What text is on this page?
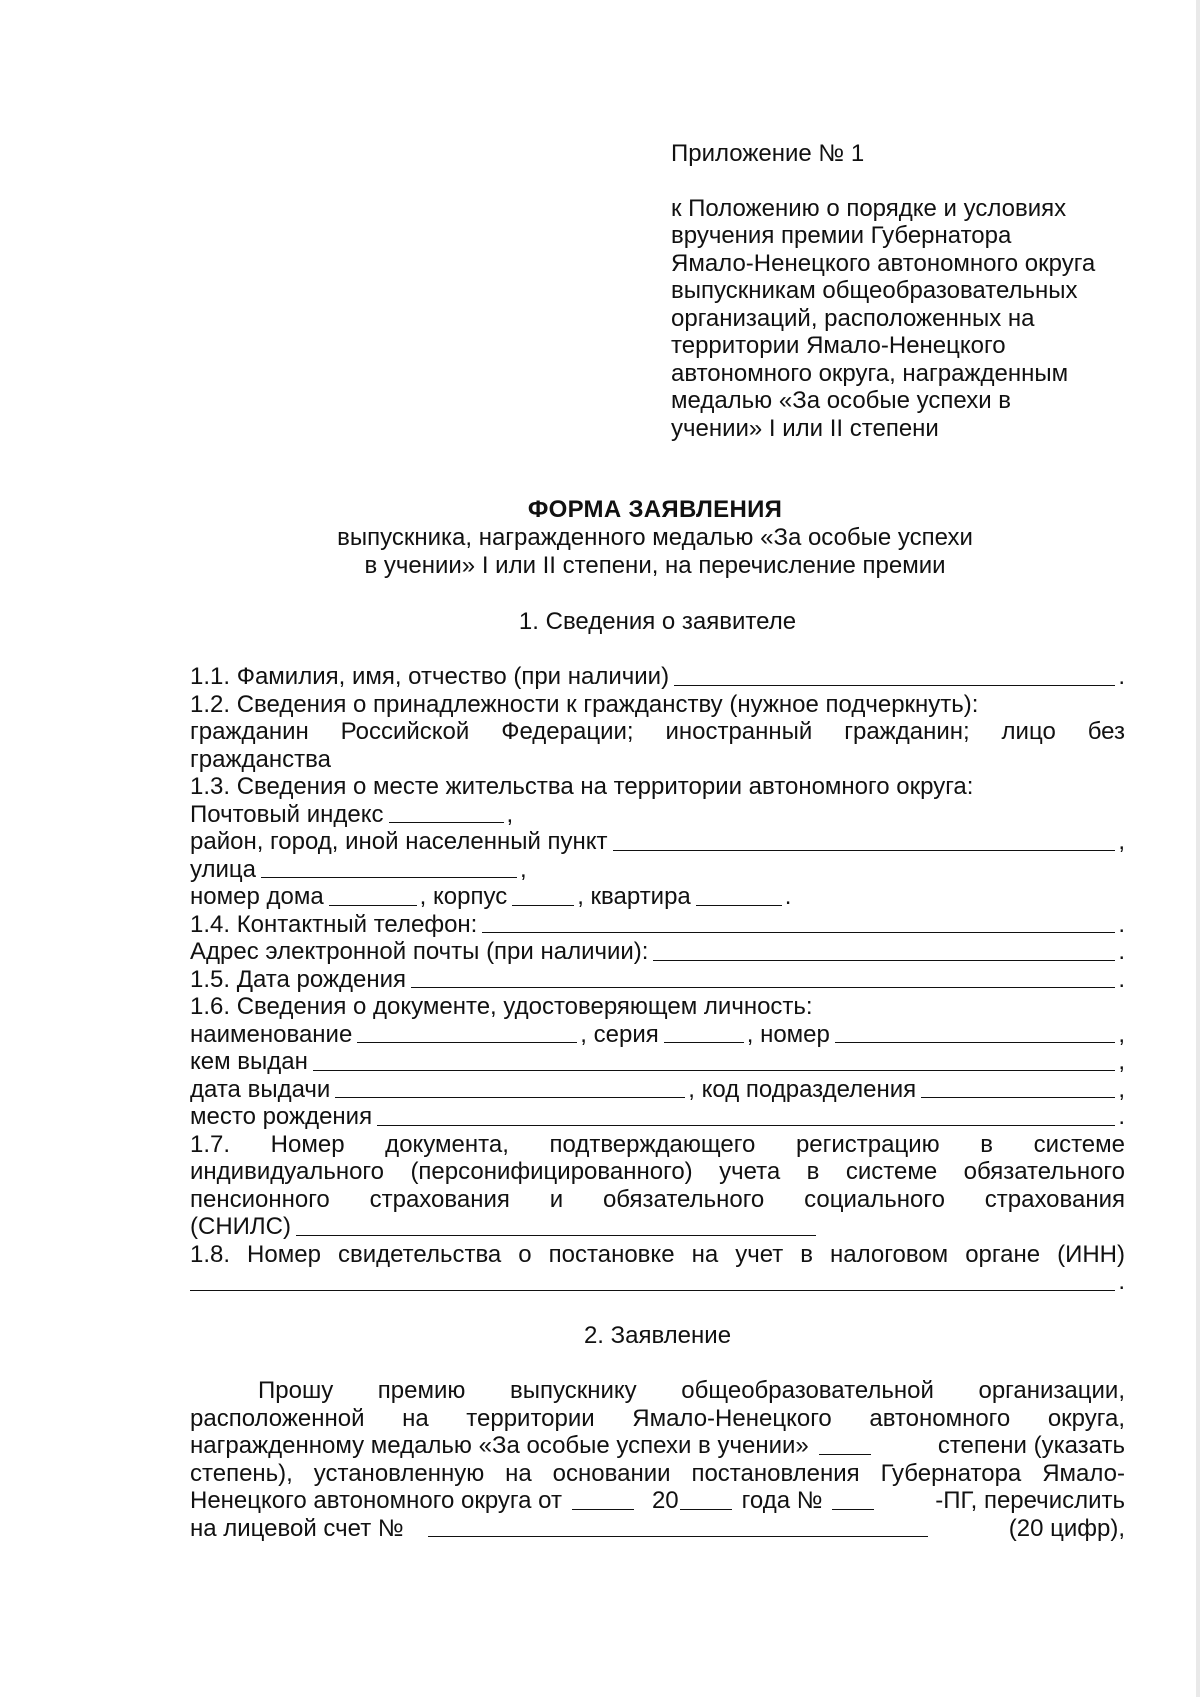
Приложение № 1
к Положению о порядке и условиях
вручения премии Губернатора
Ямало-Ненецкого автономного округа
выпускникам общеобразовательных
организаций, расположенных на
территории Ямало-Ненецкого
автономного округа, награжденным
медалью «За особые успехи в
учении» I или II степени
ФОРМА ЗАЯВЛЕНИЯ
выпускника, награжденного медалью «За особые успехи
в учении» I или II степени, на перечисление премии
1. Сведения о заявителе
1.1. Фамилия, имя, отчество (при наличии)	.
1.2. Сведения о принадлежности к гражданству (нужное подчеркнуть):
гражданин Российской Федерации; иностранный гражданин; лицо без
гражданства
1.3. Сведения о месте жительства на территории автономного округа:
Почтовый индекс	,
район, город, иной населенный пункт	,
улица	,
номер дома	, корпус	, квартира	.
1.4. Контактный телефон:	.
Адрес электронной почты (при наличии):	.
1.5. Дата рождения	.
1.6. Сведения о документе, удостоверяющем личность:
наименование	, серия	, номер	,
кем выдан	,
дата выдачи	, код подразделения	,
место рождения	.
1.7. Номер документа, подтверждающего регистрацию в системе
индивидуального (персонифицированного) учета в системе обязательного
пенсионного страхования и обязательного социального страхования
(СНИЛС)
1.8. Номер свидетельства о постановке на учет в налоговом органе (ИНН)
.
2. Заявление
Прошу премию выпускнику общеобразовательной организации,
расположенной на территории Ямало-Ненецкого автономного округа,
награжденному медалью «За особые успехи в учении»	степени (указать
степень), установленную на основании постановления Губернатора Ямало-
Ненецкого автономного округа от	20	года №	-ПГ, перечислить
на лицевой счет №	(20 цифр),
